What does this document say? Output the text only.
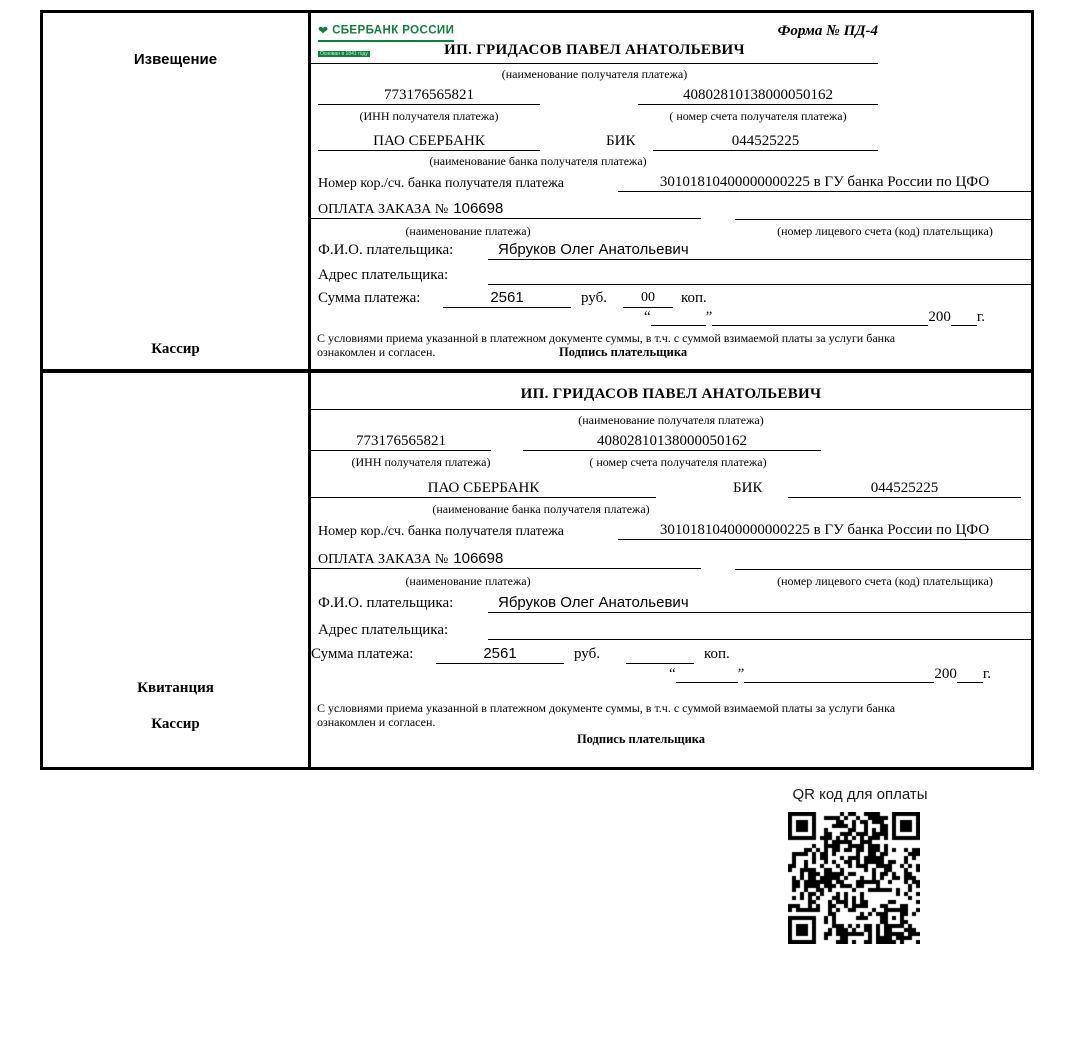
Извещение
Кассир
❤ СБЕРБАНК РОССИИ
Основан в 1841 году
Форма № ПД-4
ИП. ГРИДАСОВ ПАВЕЛ АНАТОЛЬЕВИЧ
(наименование получателя платежа)
773176565821	40802810138000050162
(ИНН получателя платежа)	( номер счета получателя платежа)
ПАО СБЕРБАНК	БИК	044525225
(наименование банка получателя платежа)
Номер кор./сч. банка получателя платежа	30101810400000000225 в ГУ банка России по ЦФО
ОПЛАТА ЗАКАЗА № 106698
(наименование платежа)	(номер лицевого счета (код) плательщика)
Ф.И.О. плательщика:	Ябруков Олег Анатольевич
Адрес плательщика:
Сумма платежа:	2561	руб.	00	коп.
“	”	200 г.
С условиями приема указанной в платежном документе суммы, в т.ч. с суммой взимаемой платы за услуги банка
ознакомлен и согласен.	Подпись плательщика
Квитанция
Кассир
ИП. ГРИДАСОВ ПАВЕЛ АНАТОЛЬЕВИЧ
(наименование получателя платежа)
773176565821	40802810138000050162
(ИНН получателя платежа)	( номер счета получателя платежа)
ПАО СБЕРБАНК	БИК	044525225
(наименование банка получателя платежа)
Номер кор./сч. банка получателя платежа	30101810400000000225 в ГУ банка России по ЦФО
ОПЛАТА ЗАКАЗА № 106698
(наименование платежа)	(номер лицевого счета (код) плательщика)
Ф.И.О. плательщика:	Ябруков Олег Анатольевич
Адрес плательщика:
Сумма платежа:	2561	руб.	коп.
“	”	200 г.
С условиями приема указанной в платежном документе суммы, в т.ч. с суммой взимаемой платы за услуги банка
ознакомлен и согласен.
Подпись плательщика
QR код для оплаты
